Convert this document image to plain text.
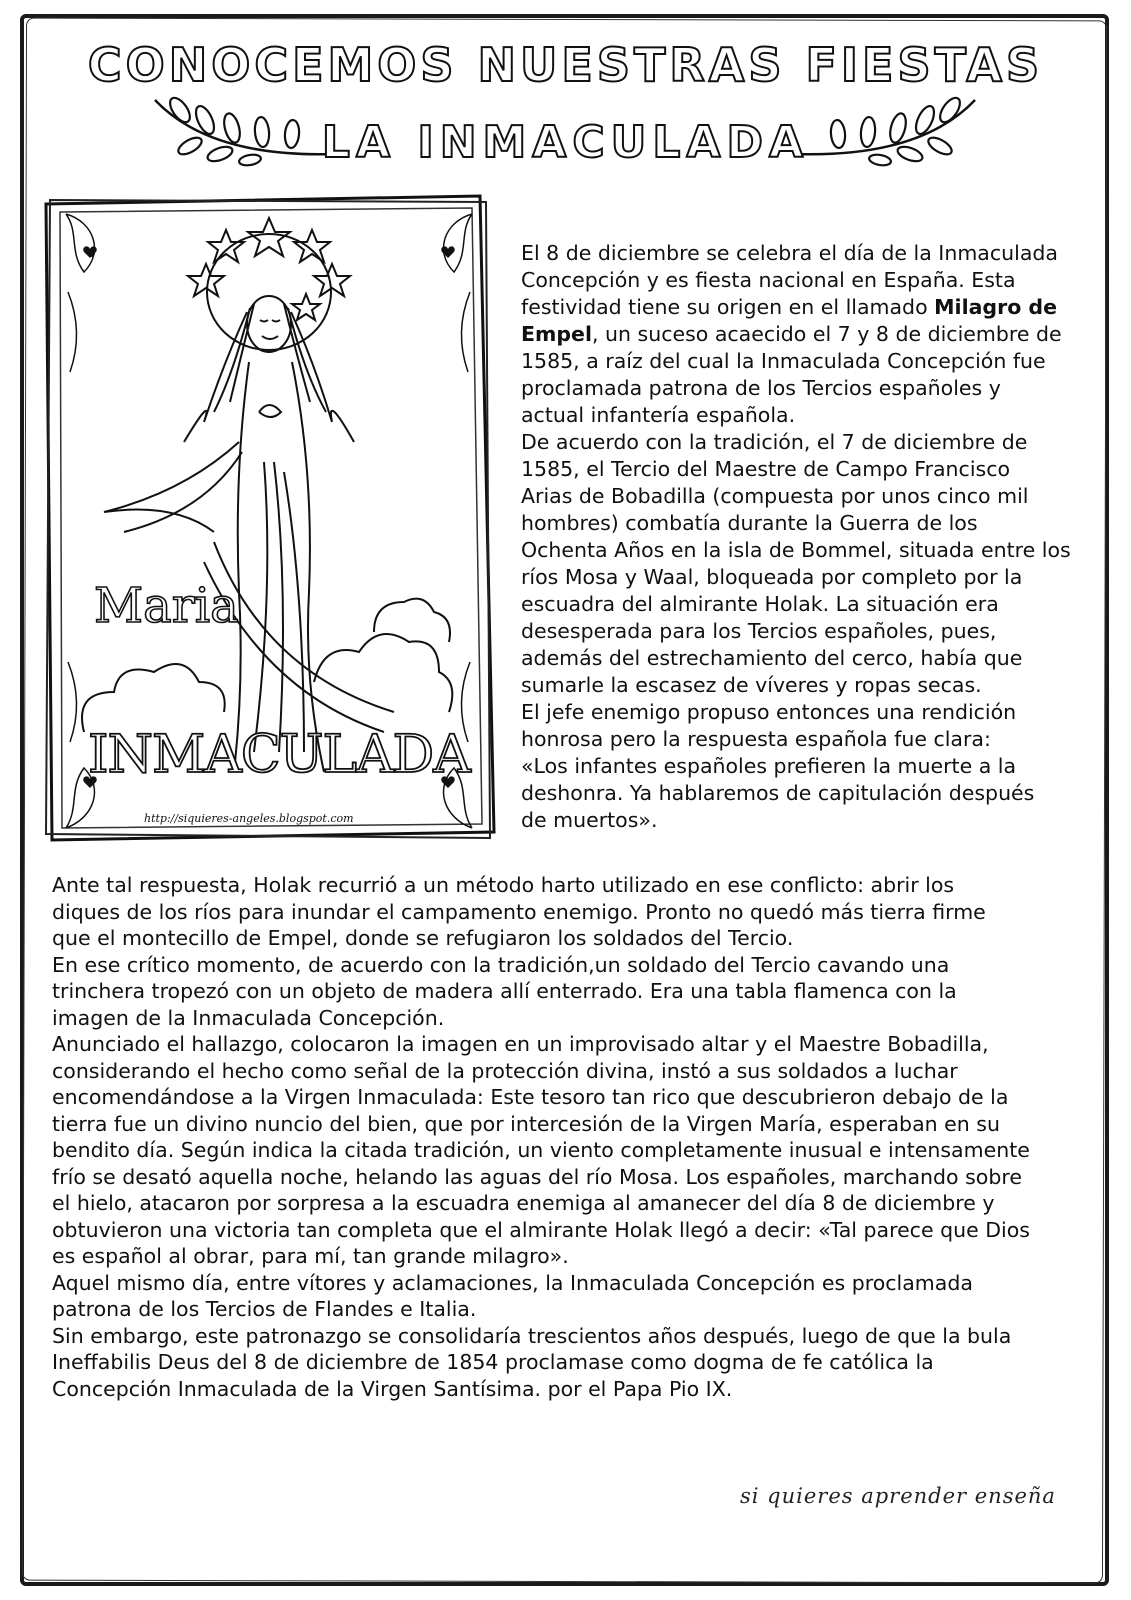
CONOCEMOS NUESTRAS FIESTAS
LA INMACULADA
Maria
INMACULADA
http://siquieres-angeles.blogspot.com

El 8 de diciembre se celebra el día de la Inmaculada

Concepción y es fiesta nacional en España. Esta

festividad tiene su origen en el llamado Milagro de

Empel, un suceso acaecido el 7 y 8 de diciembre de

1585, a raíz del cual la Inmaculada Concepción fue

proclamada patrona de los Tercios españoles y

actual infantería española.

De acuerdo con la tradición, el 7 de diciembre de

1585, el Tercio del Maestre de Campo Francisco

Arias de Bobadilla (compuesta por unos cinco mil

hombres) combatía durante la Guerra de los

Ochenta Años en la isla de Bommel, situada entre los

ríos Mosa y Waal, bloqueada por completo por la

escuadra del almirante Holak. La situación era

desesperada para los Tercios españoles, pues,

además del estrechamiento del cerco, había que

sumarle la escasez de víveres y ropas secas.

El jefe enemigo propuso entonces una rendición

honrosa pero la respuesta española fue clara:

«Los infantes españoles prefieren la muerte a la

deshonra. Ya hablaremos de capitulación después

de muertos».

Ante tal respuesta, Holak recurrió a un método harto utilizado en ese conflicto: abrir los

diques de los ríos para inundar el campamento enemigo. Pronto no quedó más tierra firme

que el montecillo de Empel, donde se refugiaron los soldados del Tercio.

En ese crítico momento, de acuerdo con la tradición,un soldado del Tercio cavando una

trinchera tropezó con un objeto de madera allí enterrado. Era una tabla flamenca con la

imagen de la Inmaculada Concepción.

Anunciado el hallazgo, colocaron la imagen en un improvisado altar y el Maestre Bobadilla,

considerando el hecho como señal de la protección divina, instó a sus soldados a luchar

encomendándose a la Virgen Inmaculada: Este tesoro tan rico que descubrieron debajo de la

tierra fue un divino nuncio del bien, que por intercesión de la Virgen María, esperaban en su

bendito día. Según indica la citada tradición, un viento completamente inusual e intensamente

frío se desató aquella noche, helando las aguas del río Mosa. Los españoles, marchando sobre

el hielo, atacaron por sorpresa a la escuadra enemiga al amanecer del día 8 de diciembre y

obtuvieron una victoria tan completa que el almirante Holak llegó a decir: «Tal parece que Dios

es español al obrar, para mí, tan grande milagro».

Aquel mismo día, entre vítores y aclamaciones, la Inmaculada Concepción es proclamada

patrona de los Tercios de Flandes e Italia.

Sin embargo, este patronazgo se consolidaría trescientos años después, luego de que la bula

Ineffabilis Deus del 8 de diciembre de 1854 proclamase como dogma de fe católica la

Concepción Inmaculada de la Virgen Santísima. por el Papa Pio IX.

si quieres aprender enseña
